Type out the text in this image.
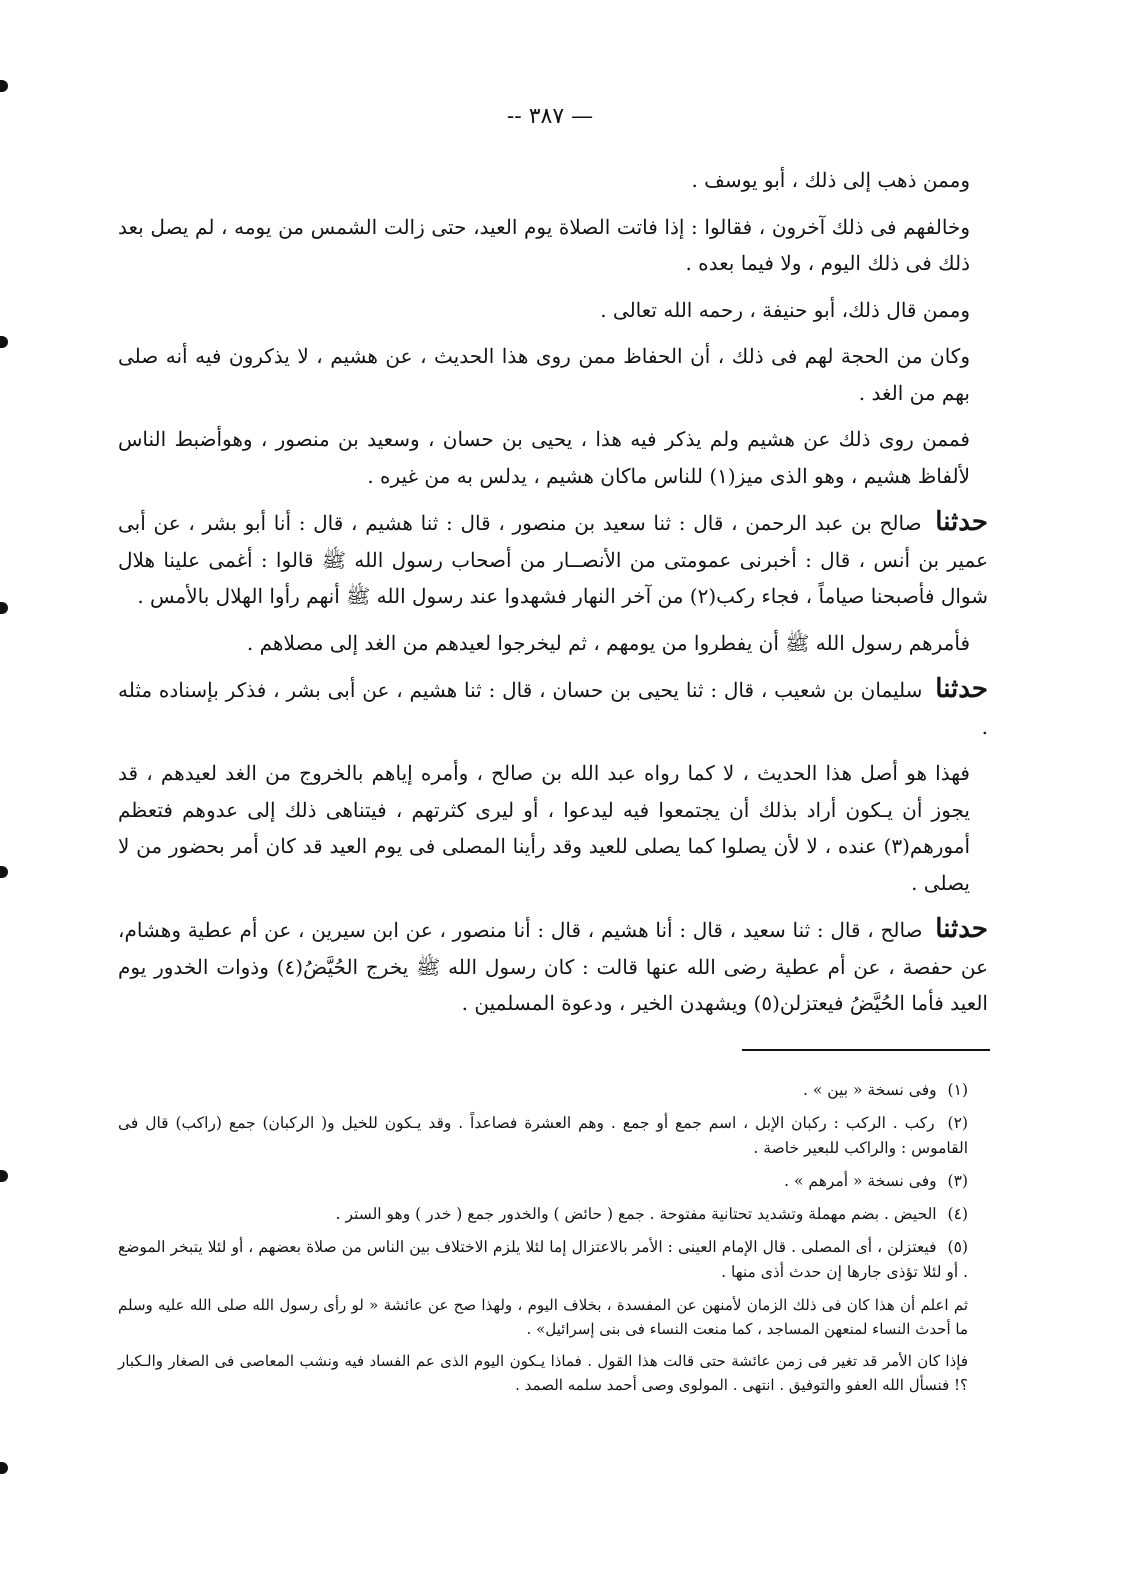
— ٣٨٧ --

وممن ذهب إلى ذلك ، أبو يوسف .

وخالفهم فى ذلك آخرون ، فقالوا : إذا فاتت الصلاة يوم العيد، حتى زالت الشمس من يومه ، لم يصل بعد ذلك فى ذلك اليوم ، ولا فيما بعده .

وممن قال ذلك، أبو حنيفة ، رحمه الله تعالى .

وكان من الحجة لهم فى ذلك ، أن الحفاظ ممن روى هذا الحديث ، عن هشيم ، لا يذكرون فيه أنه صلى بهم من الغد .

فممن روى ذلك عن هشيم ولم يذكر فيه هذا ، يحيى بن حسان ، وسعيد بن منصور ، وهوأضبط الناس لألفاظ هشيم ، وهو الذى ميز(١) للناس ماكان هشيم ، يدلس به من غيره .

حدثنا صالح بن عبد الرحمن ، قال : ثنا سعيد بن منصور ، قال : ثنا هشيم ، قال : أنا أبو بشر ، عن أبى عمير بن أنس ، قال : أخبرنى عمومتى من الأنصــار من أصحاب رسول الله ﷺ قالوا : أغمى علينا هلال شوال فأصبحنا صياماً ، فجاء ركب(٢) من آخر النهار فشهدوا عند رسول الله ﷺ أنهم رأوا الهلال بالأمس .

فأمرهم رسول الله ﷺ أن يفطروا من يومهم ، ثم ليخرجوا لعيدهم من الغد إلى مصلاهم .

حدثنا سليمان بن شعيب ، قال : ثنا يحيى بن حسان ، قال : ثنا هشيم ، عن أبى بشر ، فذكر بإسناده مثله .

فهذا هو أصل هذا الحديث ، لا كما رواه عبد الله بن صالح ، وأمره إياهم بالخروج من الغد لعيدهم ، قد يجوز أن يـكون أراد بذلك أن يجتمعوا فيه ليدعوا ، أو ليرى كثرتهم ، فيتناهى ذلك إلى عدوهم فتعظم أمورهم(٣) عنده ، لا لأن يصلوا كما يصلى للعيد وقد رأينا المصلى فى يوم العيد قد كان أمر بحضور من لا يصلى .

حدثنا صالح ، قال : ثنا سعيد ، قال : أنا هشيم ، قال : أنا منصور ، عن ابن سيرين ، عن أم عطية وهشام، عن حفصة ، عن أم عطية رضى الله عنها قالت : كان رسول الله ﷺ يخرج الحُيَّضُ(٤) وذوات الخدور يوم العيد فأما الحُيَّضُ فيعتزلن(٥) ويشهدن الخير ، ودعوة المسلمين .

(١) وفى نسخة « بين » .

(٢) ركب . الركب : ركبان الإبل ، اسم جمع أو جمع . وهم العشرة فصاعداً . وقد يـكون للخيل و( الركبان) جمع (راكب) قال فى القاموس : والراكب للبعير خاصة .

(٣) وفى نسخة « أمرهم » .

(٤) الحيض . بضم مهملة وتشديد تحتانية مفتوحة . جمع ( حائض ) والخدور جمع ( خدر ) وهو الستر .

(٥) فيعتزلن ، أى المصلى . قال الإمام العينى : الأمر بالاعتزال إما لئلا يلزم الاختلاف بين الناس من صلاة بعضهم ، أو لئلا يتبخر الموضع . أو لئلا تؤذى جارها إن حدث أذى منها .

ثم اعلم أن هذا كان فى ذلك الزمان لأمنهن عن المفسدة ، بخلاف اليوم ، ولهذا صح عن عائشة « لو رأى رسول الله صلى الله عليه وسلم ما أحدث النساء لمنعهن المساجد ، كما منعت النساء فى بنى إسرائيل» .

فإذا كان الأمر قد تغير فى زمن عائشة حتى قالت هذا القول . فماذا يـكون اليوم الذى عم الفساد فيه ونشب المعاصى فى الصغار والـكبار ؟! فنسأل الله العفو والتوفيق . انتهى . المولوى وصى أحمد سلمه الصمد .
